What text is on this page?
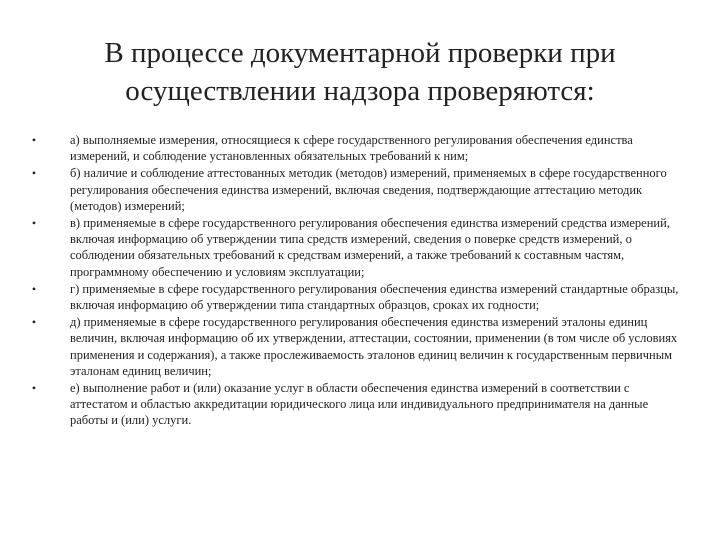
В процессе документарной проверки при осуществлении надзора проверяются:
•	а) выполняемые измерения, относящиеся к сфере государственного регулирования обеспечения единства измерений, и соблюдение установленных обязательных требований к ним;
•	б) наличие и соблюдение аттестованных методик (методов) измерений, применяемых в сфере государственного регулирования обеспечения единства измерений, включая сведения, подтверждающие аттестацию методик (методов) измерений;
•	в) применяемые в сфере государственного регулирования обеспечения единства измерений средства измерений, включая информацию об утверждении типа средств измерений, сведения о поверке средств измерений, о соблюдении обязательных требований к средствам измерений, а также требований к составным частям, программному обеспечению и условиям эксплуатации;
•	г) применяемые в сфере государственного регулирования обеспечения единства измерений стандартные образцы, включая информацию об утверждении типа стандартных образцов, сроках их годности;
•	д) применяемые в сфере государственного регулирования обеспечения единства измерений эталоны единиц величин, включая информацию об их утверждении, аттестации, состоянии, применении (в том числе об условиях применения и содержания), а также прослеживаемость эталонов единиц величин к государственным первичным эталонам единиц величин;
•	е) выполнение работ и (или) оказание услуг в области обеспечения единства измерений в соответствии с аттестатом и областью аккредитации юридического лица или индивидуального предпринимателя на данные работы и (или) услуги.
